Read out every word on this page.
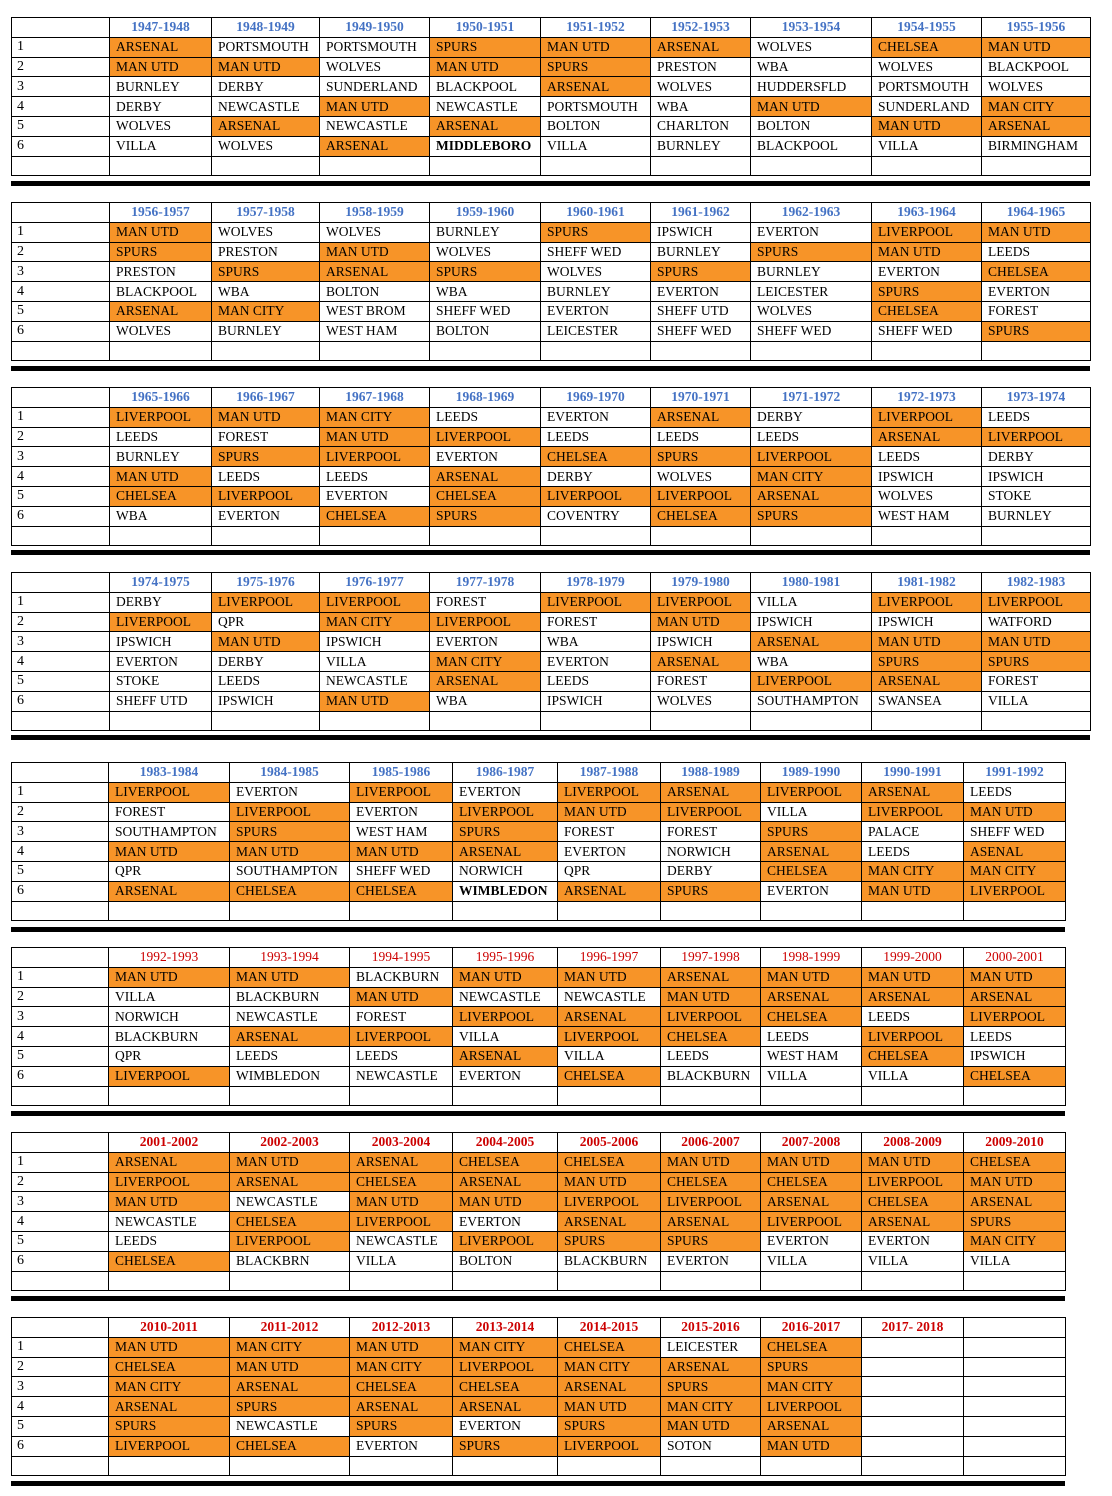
	1947-1948	1948-1949	1949-1950	1950-1951	1951-1952	1952-1953	1953-1954	1954-1955	1955-1956
1	ARSENAL	PORTSMOUTH	PORTSMOUTH	SPURS	MAN UTD	ARSENAL	WOLVES	CHELSEA	MAN UTD
2	MAN UTD	MAN UTD	WOLVES	MAN UTD	SPURS	PRESTON	WBA	WOLVES	BLACKPOOL
3	BURNLEY	DERBY	SUNDERLAND	BLACKPOOL	ARSENAL	WOLVES	HUDDERSFLD	PORTSMOUTH	WOLVES
4	DERBY	NEWCASTLE	MAN UTD	NEWCASTLE	PORTSMOUTH	WBA	MAN UTD	SUNDERLAND	MAN CITY
5	WOLVES	ARSENAL	NEWCASTLE	ARSENAL	BOLTON	CHARLTON	BOLTON	MAN UTD	ARSENAL
6	VILLA	WOLVES	ARSENAL	MIDDLEBORO	VILLA	BURNLEY	BLACKPOOL	VILLA	BIRMINGHAM

	1956-1957	1957-1958	1958-1959	1959-1960	1960-1961	1961-1962	1962-1963	1963-1964	1964-1965
1	MAN UTD	WOLVES	WOLVES	BURNLEY	SPURS	IPSWICH	EVERTON	LIVERPOOL	MAN UTD
2	SPURS	PRESTON	MAN UTD	WOLVES	SHEFF WED	BURNLEY	SPURS	MAN UTD	LEEDS
3	PRESTON	SPURS	ARSENAL	SPURS	WOLVES	SPURS	BURNLEY	EVERTON	CHELSEA
4	BLACKPOOL	WBA	BOLTON	WBA	BURNLEY	EVERTON	LEICESTER	SPURS	EVERTON
5	ARSENAL	MAN CITY	WEST BROM	SHEFF WED	EVERTON	SHEFF UTD	WOLVES	CHELSEA	FOREST
6	WOLVES	BURNLEY	WEST HAM	BOLTON	LEICESTER	SHEFF WED	SHEFF WED	SHEFF WED	SPURS

	1965-1966	1966-1967	1967-1968	1968-1969	1969-1970	1970-1971	1971-1972	1972-1973	1973-1974
1	LIVERPOOL	MAN UTD	MAN CITY	LEEDS	EVERTON	ARSENAL	DERBY	LIVERPOOL	LEEDS
2	LEEDS	FOREST	MAN UTD	LIVERPOOL	LEEDS	LEEDS	LEEDS	ARSENAL	LIVERPOOL
3	BURNLEY	SPURS	LIVERPOOL	EVERTON	CHELSEA	SPURS	LIVERPOOL	LEEDS	DERBY
4	MAN UTD	LEEDS	LEEDS	ARSENAL	DERBY	WOLVES	MAN CITY	IPSWICH	IPSWICH
5	CHELSEA	LIVERPOOL	EVERTON	CHELSEA	LIVERPOOL	LIVERPOOL	ARSENAL	WOLVES	STOKE
6	WBA	EVERTON	CHELSEA	SPURS	COVENTRY	CHELSEA	SPURS	WEST HAM	BURNLEY

	1974-1975	1975-1976	1976-1977	1977-1978	1978-1979	1979-1980	1980-1981	1981-1982	1982-1983
1	DERBY	LIVERPOOL	LIVERPOOL	FOREST	LIVERPOOL	LIVERPOOL	VILLA	LIVERPOOL	LIVERPOOL
2	LIVERPOOL	QPR	MAN CITY	LIVERPOOL	FOREST	MAN UTD	IPSWICH	IPSWICH	WATFORD
3	IPSWICH	MAN UTD	IPSWICH	EVERTON	WBA	IPSWICH	ARSENAL	MAN UTD	MAN UTD
4	EVERTON	DERBY	VILLA	MAN CITY	EVERTON	ARSENAL	WBA	SPURS	SPURS
5	STOKE	LEEDS	NEWCASTLE	ARSENAL	LEEDS	FOREST	LIVERPOOL	ARSENAL	FOREST
6	SHEFF UTD	IPSWICH	MAN UTD	WBA	IPSWICH	WOLVES	SOUTHAMPTON	SWANSEA	VILLA

	1983-1984	1984-1985	1985-1986	1986-1987	1987-1988	1988-1989	1989-1990	1990-1991	1991-1992
1	LIVERPOOL	EVERTON	LIVERPOOL	EVERTON	LIVERPOOL	ARSENAL	LIVERPOOL	ARSENAL	LEEDS
2	FOREST	LIVERPOOL	EVERTON	LIVERPOOL	MAN UTD	LIVERPOOL	VILLA	LIVERPOOL	MAN UTD
3	SOUTHAMPTON	SPURS	WEST HAM	SPURS	FOREST	FOREST	SPURS	PALACE	SHEFF WED
4	MAN UTD	MAN UTD	MAN UTD	ARSENAL	EVERTON	NORWICH	ARSENAL	LEEDS	ASENAL
5	QPR	SOUTHAMPTON	SHEFF WED	NORWICH	QPR	DERBY	CHELSEA	MAN CITY	MAN CITY
6	ARSENAL	CHELSEA	CHELSEA	WIMBLEDON	ARSENAL	SPURS	EVERTON	MAN UTD	LIVERPOOL

	1992-1993	1993-1994	1994-1995	1995-1996	1996-1997	1997-1998	1998-1999	1999-2000	2000-2001
1	MAN UTD	MAN UTD	BLACKBURN	MAN UTD	MAN UTD	ARSENAL	MAN UTD	MAN UTD	MAN UTD
2	VILLA	BLACKBURN	MAN UTD	NEWCASTLE	NEWCASTLE	MAN UTD	ARSENAL	ARSENAL	ARSENAL
3	NORWICH	NEWCASTLE	FOREST	LIVERPOOL	ARSENAL	LIVERPOOL	CHELSEA	LEEDS	LIVERPOOL
4	BLACKBURN	ARSENAL	LIVERPOOL	VILLA	LIVERPOOL	CHELSEA	LEEDS	LIVERPOOL	LEEDS
5	QPR	LEEDS	LEEDS	ARSENAL	VILLA	LEEDS	WEST HAM	CHELSEA	IPSWICH
6	LIVERPOOL	WIMBLEDON	NEWCASTLE	EVERTON	CHELSEA	BLACKBURN	VILLA	VILLA	CHELSEA

	2001-2002	2002-2003	2003-2004	2004-2005	2005-2006	2006-2007	2007-2008	2008-2009	2009-2010
1	ARSENAL	MAN UTD	ARSENAL	CHELSEA	CHELSEA	MAN UTD	MAN UTD	MAN UTD	CHELSEA
2	LIVERPOOL	ARSENAL	CHELSEA	ARSENAL	MAN UTD	CHELSEA	CHELSEA	LIVERPOOL	MAN UTD
3	MAN UTD	NEWCASTLE	MAN UTD	MAN UTD	LIVERPOOL	LIVERPOOL	ARSENAL	CHELSEA	ARSENAL
4	NEWCASTLE	CHELSEA	LIVERPOOL	EVERTON	ARSENAL	ARSENAL	LIVERPOOL	ARSENAL	SPURS
5	LEEDS	LIVERPOOL	NEWCASTLE	LIVERPOOL	SPURS	SPURS	EVERTON	EVERTON	MAN CITY
6	CHELSEA	BLACKBRN	VILLA	BOLTON	BLACKBURN	EVERTON	VILLA	VILLA	VILLA

	2010-2011	2011-2012	2012-2013	2013-2014	2014-2015	2015-2016	2016-2017	2017- 2018	
1	MAN UTD	MAN CITY	MAN UTD	MAN CITY	CHELSEA	LEICESTER	CHELSEA		
2	CHELSEA	MAN UTD	MAN CITY	LIVERPOOL	MAN CITY	ARSENAL	SPURS		
3	MAN CITY	ARSENAL	CHELSEA	CHELSEA	ARSENAL	SPURS	MAN CITY		
4	ARSENAL	SPURS	ARSENAL	ARSENAL	MAN UTD	MAN CITY	LIVERPOOL		
5	SPURS	NEWCASTLE	SPURS	EVERTON	SPURS	MAN UTD	ARSENAL		
6	LIVERPOOL	CHELSEA	EVERTON	SPURS	LIVERPOOL	SOTON	MAN UTD		
